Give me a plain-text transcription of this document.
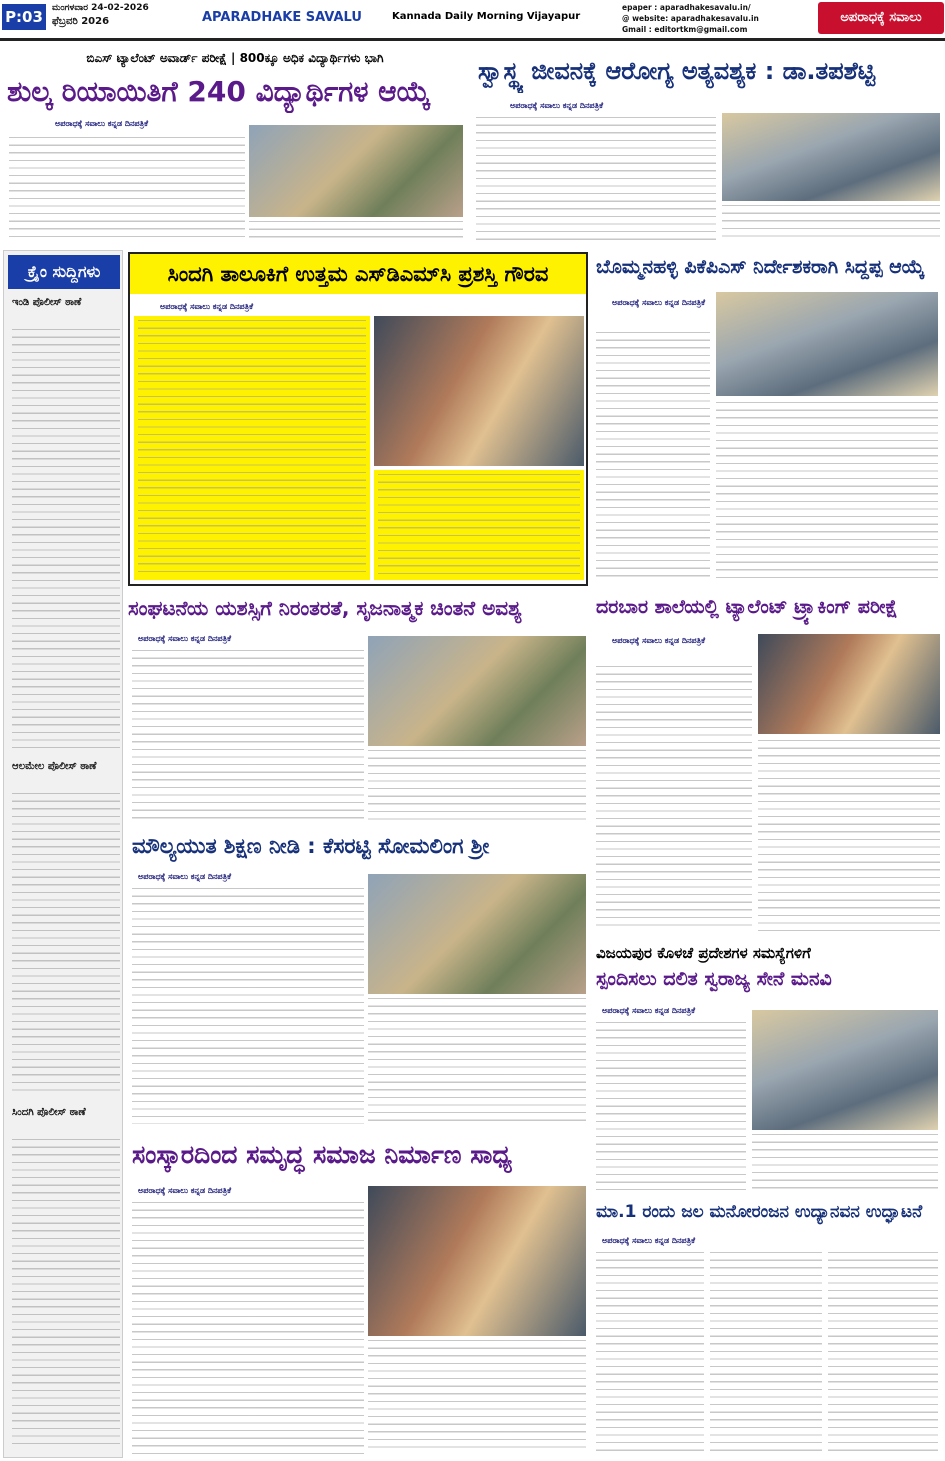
P:03	ಮಂಗಳವಾರ 24-02-2026
ಫೆಬ್ರವರಿ 2026	APARADHAKE SAVALU	Kannada Daily Morning Vijayapur
epaper : aparadhakesavalu.in/
@ website: aparadhakesavalu.in
Gmail : editortkm@gmail.com
ಅಪರಾಧಕ್ಕೆ ಸವಾಲು
ಬಿಎಸ್ ಟ್ಯಾಲೆಂಟ್ ಅವಾರ್ಡ್ ಪರೀಕ್ಷೆ | 800ಕ್ಕೂ ಅಧಿಕ ವಿದ್ಯಾರ್ಥಿಗಳು ಭಾಗಿ
ಶುಲ್ಕ ರಿಯಾಯಿತಿಗೆ 240 ವಿದ್ಯಾರ್ಥಿಗಳ ಆಯ್ಕೆ
ಅಪರಾಧಕ್ಕೆ ಸವಾಲು ಕನ್ನಡ ದಿನಪತ್ರಿಕೆ
ಸ್ವಾಸ್ಥ್ಯ ಜೀವನಕ್ಕೆ ಆರೋಗ್ಯ ಅತ್ಯವಶ್ಯಕ : ಡಾ.ತಪಶೆಟ್ಟಿ
ಅಪರಾಧಕ್ಕೆ ಸವಾಲು ಕನ್ನಡ ದಿನಪತ್ರಿಕೆ
ಕ್ರೈಂ ಸುದ್ದಿಗಳು
ಇಂಡಿ ಪೊಲೀಸ್ ಠಾಣೆ
ಆಲಮೇಲ ಪೊಲೀಸ್ ಠಾಣೆ
ಸಿಂದಗಿ ಪೊಲೀಸ್ ಠಾಣೆ
ಸಿಂದಗಿ ತಾಲೂಕಿಗೆ ಉತ್ತಮ ಎಸ್‌ಡಿಎಮ್‌ಸಿ ಪ್ರಶಸ್ತಿ ಗೌರವ
ಅಪರಾಧಕ್ಕೆ ಸವಾಲು ಕನ್ನಡ ದಿನಪತ್ರಿಕೆ
ಬೊಮ್ಮನಹಳ್ಳಿ ಪಿಕೆಪಿಎಸ್ ನಿರ್ದೇಶಕರಾಗಿ ಸಿದ್ದಪ್ಪ ಆಯ್ಕೆ
ಅಪರಾಧಕ್ಕೆ ಸವಾಲು ಕನ್ನಡ ದಿನಪತ್ರಿಕೆ
ಸಂಘಟನೆಯ ಯಶಸ್ಸಿಗೆ ನಿರಂತರತೆ, ಸೃಜನಾತ್ಮಕ ಚಿಂತನೆ ಅವಶ್ಯ
ಅಪರಾಧಕ್ಕೆ ಸವಾಲು ಕನ್ನಡ ದಿನಪತ್ರಿಕೆ
ದರಬಾರ ಶಾಲೆಯಲ್ಲಿ ಟ್ಯಾಲೆಂಟ್ ಟ್ರ್ಯಾಕಿಂಗ್ ಪರೀಕ್ಷೆ
ಅಪರಾಧಕ್ಕೆ ಸವಾಲು ಕನ್ನಡ ದಿನಪತ್ರಿಕೆ
ಮೌಲ್ಯಯುತ ಶಿಕ್ಷಣ ನೀಡಿ : ಕೆಸರಟ್ಟಿ ಸೋಮಲಿಂಗ ಶ್ರೀ
ಅಪರಾಧಕ್ಕೆ ಸವಾಲು ಕನ್ನಡ ದಿನಪತ್ರಿಕೆ
ವಿಜಯಪುರ ಕೊಳಚೆ ಪ್ರದೇಶಗಳ ಸಮಸ್ಯೆಗಳಿಗೆ
ಸ್ಪಂದಿಸಲು ದಲಿತ ಸ್ವರಾಜ್ಯ ಸೇನೆ ಮನವಿ
ಅಪರಾಧಕ್ಕೆ ಸವಾಲು ಕನ್ನಡ ದಿನಪತ್ರಿಕೆ
ಸಂಸ್ಕಾರದಿಂದ ಸಮೃದ್ಧ ಸಮಾಜ ನಿರ್ಮಾಣ ಸಾಧ್ಯ
ಅಪರಾಧಕ್ಕೆ ಸವಾಲು ಕನ್ನಡ ದಿನಪತ್ರಿಕೆ
ಮಾ.1 ರಂದು ಜಲ ಮನೋರಂಜನ ಉದ್ಯಾನವನ ಉದ್ಘಾಟನೆ
ಅಪರಾಧಕ್ಕೆ ಸವಾಲು ಕನ್ನಡ ದಿನಪತ್ರಿಕೆ
